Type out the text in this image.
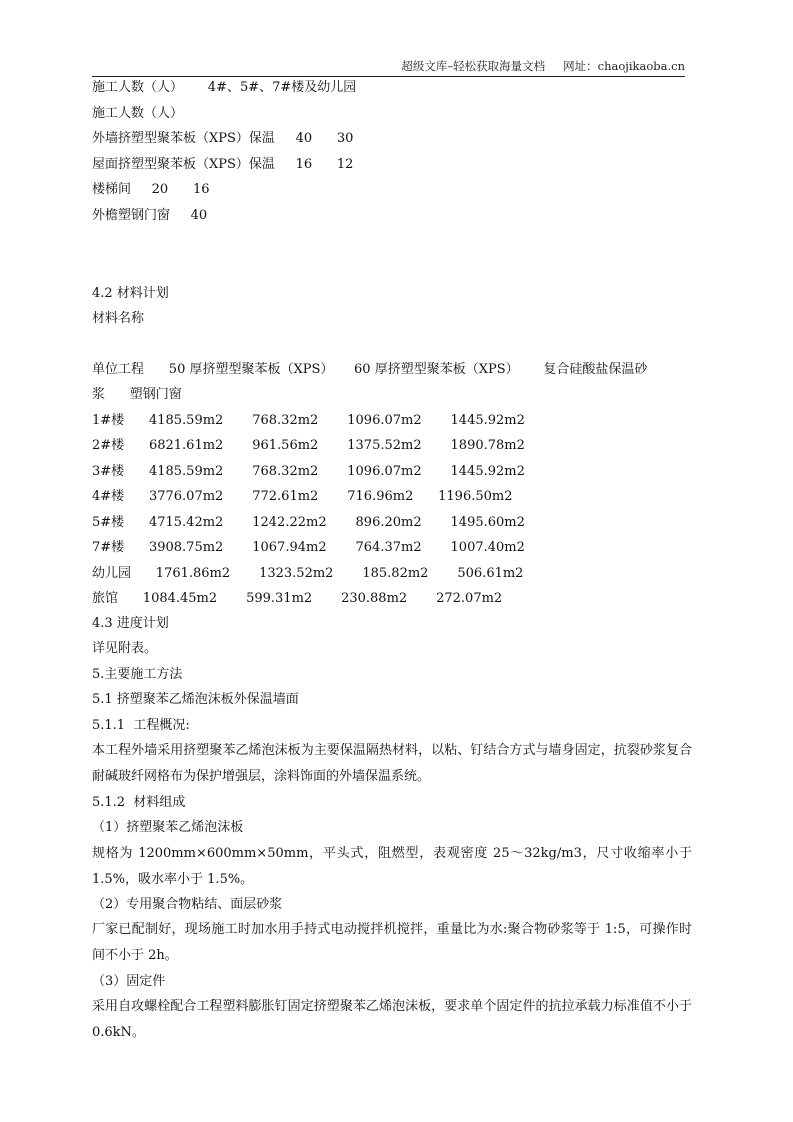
超级文库–轻松获取海量文档 网址：chaojikaoba.cn
施工人数（人）      4#、5#、7#楼及幼儿园
施工人数（人）
外墙挤塑型聚苯板（XPS）保温     40      30
屋面挤塑型聚苯板（XPS）保温     16      12
楼梯间     20      16
外檐塑钢门窗     40
4.2 材料计划
材料名称
单位工程      50 厚挤塑型聚苯板（XPS）     60 厚挤塑型聚苯板（XPS）      复合硅酸盐保温砂
浆      塑钢门窗
1#楼      4185.59m2       768.32m2       1096.07m2       1445.92m2
2#楼      6821.61m2       961.56m2       1375.52m2       1890.78m2
3#楼      4185.59m2       768.32m2       1096.07m2       1445.92m2
4#楼      3776.07m2       772.61m2       716.96m2      1196.50m2
5#楼      4715.42m2       1242.22m2       896.20m2       1495.60m2
7#楼      3908.75m2       1067.94m2       764.37m2       1007.40m2
幼儿园      1761.86m2       1323.52m2       185.82m2       506.61m2
旅馆      1084.45m2       599.31m2       230.88m2       272.07m2
4.3 进度计划
详见附表。
5.主要施工方法
5.1 挤塑聚苯乙烯泡沫板外保温墙面
5.1.1  工程概况:
本工程外墙采用挤塑聚苯乙烯泡沫板为主要保温隔热材料，以粘、钉结合方式与墙身固定，抗裂砂浆复合耐碱玻纤网格布为保护增强层，涂料饰面的外墙保温系统。
5.1.2  材料组成
（1）挤塑聚苯乙烯泡沫板
规格为 1200mm×600mm×50mm，平头式，阻燃型，表观密度 25～32kg/m3，尺寸收缩率小于 1.5%，吸水率小于 1.5%。
（2）专用聚合物粘结、面层砂浆
厂家已配制好，现场施工时加水用手持式电动搅拌机搅拌，重量比为水:聚合物砂浆等于 1:5，可操作时间不小于 2h。
（3）固定件
采用自攻螺栓配合工程塑料膨胀钉固定挤塑聚苯乙烯泡沫板，要求单个固定件的抗拉承载力标准值不小于 0.6kN。
